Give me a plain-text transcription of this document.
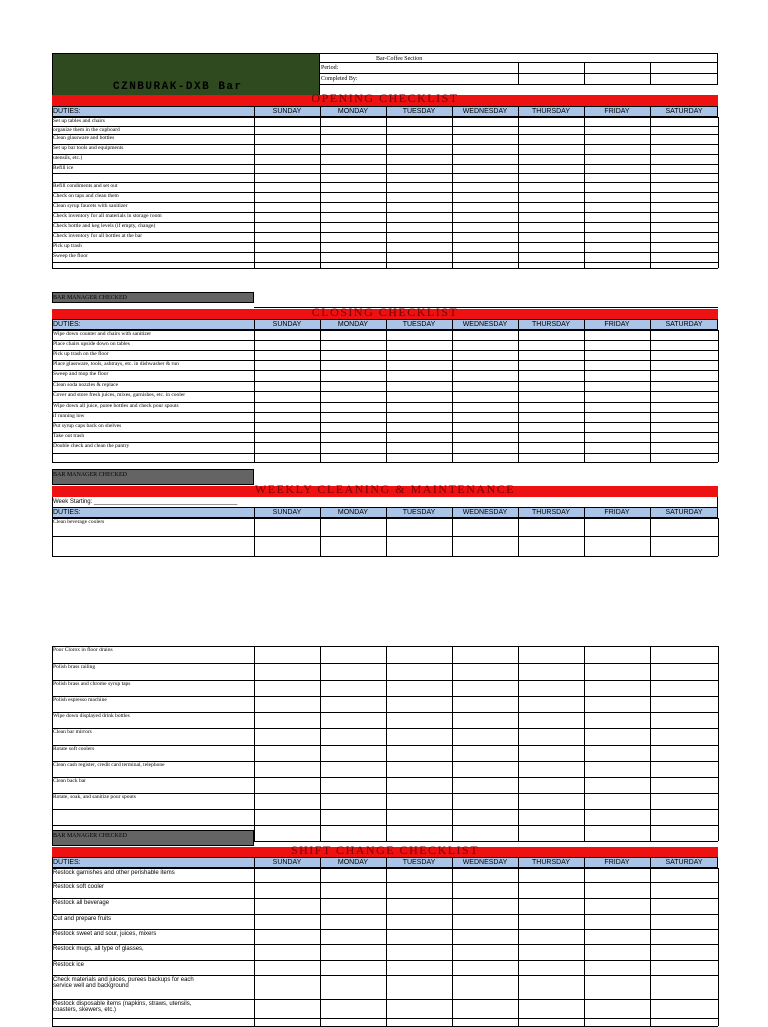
CZNBURAK-DXB Bar
Bar-Coffee Section
Period:
Completed By:
OPENING CHECKLIST
DUTIES:	SUNDAY	MONDAY	TUESDAY	WEDNESDAY	THURSDAY	FRIDAY	SATURDAY
Set up tables and chairs
organize them in the cupboard
Clean glassware and bottles
Set up bar tools and equipments
utensils, etc.)
Refill ice
Refill condiments and set out
Check on taps and clean them
Clean syrup faucets with sanitizer
Check inventory for all materials in storage room
Check bottle and keg levels (if empty, change)
Check inventory for all bottles at the bar
Pick up trash
Sweep the floor
BAR MANAGER CHECKED
CLOSING CHECKLIST
DUTIES:	SUNDAY	MONDAY	TUESDAY	WEDNESDAY	THURSDAY	FRIDAY	SATURDAY
Wipe down counter and chairs with sanitizer
Place chairs upside down on tables
Pick up trash on the floor
Place glassware, tools, ashtrays, etc. in dishwasher & run
Sweep and mop the floor
Clean soda nozzles & replace
Cover and store fresh juices, mixes, garnishes, etc. in cooler
Wipe down all juice, puree bottles and check pour spouts
if running low
Put syrup caps back on shelves
Take out trash
Double check and clean the pantry
BAR MANAGER CHECKED
WEEKLY CLEANING & MAINTENANCE
Week Starting: ___________________________________________
DUTIES:	SUNDAY	MONDAY	TUESDAY	WEDNESDAY	THURSDAY	FRIDAY	SATURDAY
Clean beverage coolers
Pour Clorox in floor drains
Polish brass railing
Polish brass and chrome syrup taps
Polish espresso machine
Wipe down displayed drink bottles
Clean bar mirrors
Rotate soft coolers
Clean cash register, credit card terminal, telephone
Clean back bar
Rotate, soak, and sanitize pour spouts
BAR MANAGER CHECKED
SHIFT CHANGE CHECKLIST
DUTIES:	SUNDAY	MONDAY	TUESDAY	WEDNESDAY	THURSDAY	FRIDAY	SATURDAY
Restock garnishes and other perishable items
Restock soft cooler
Restock all beverage
Cut and prepare fruits
Restock sweet and sour, juices, mixers
Restock mugs, all type of glasses,
Restock ice
Check materials and juices, purees backups for each
service well and background
Restock disposable items (napkins, straws, utensils,
coasters, skewers, etc.)
